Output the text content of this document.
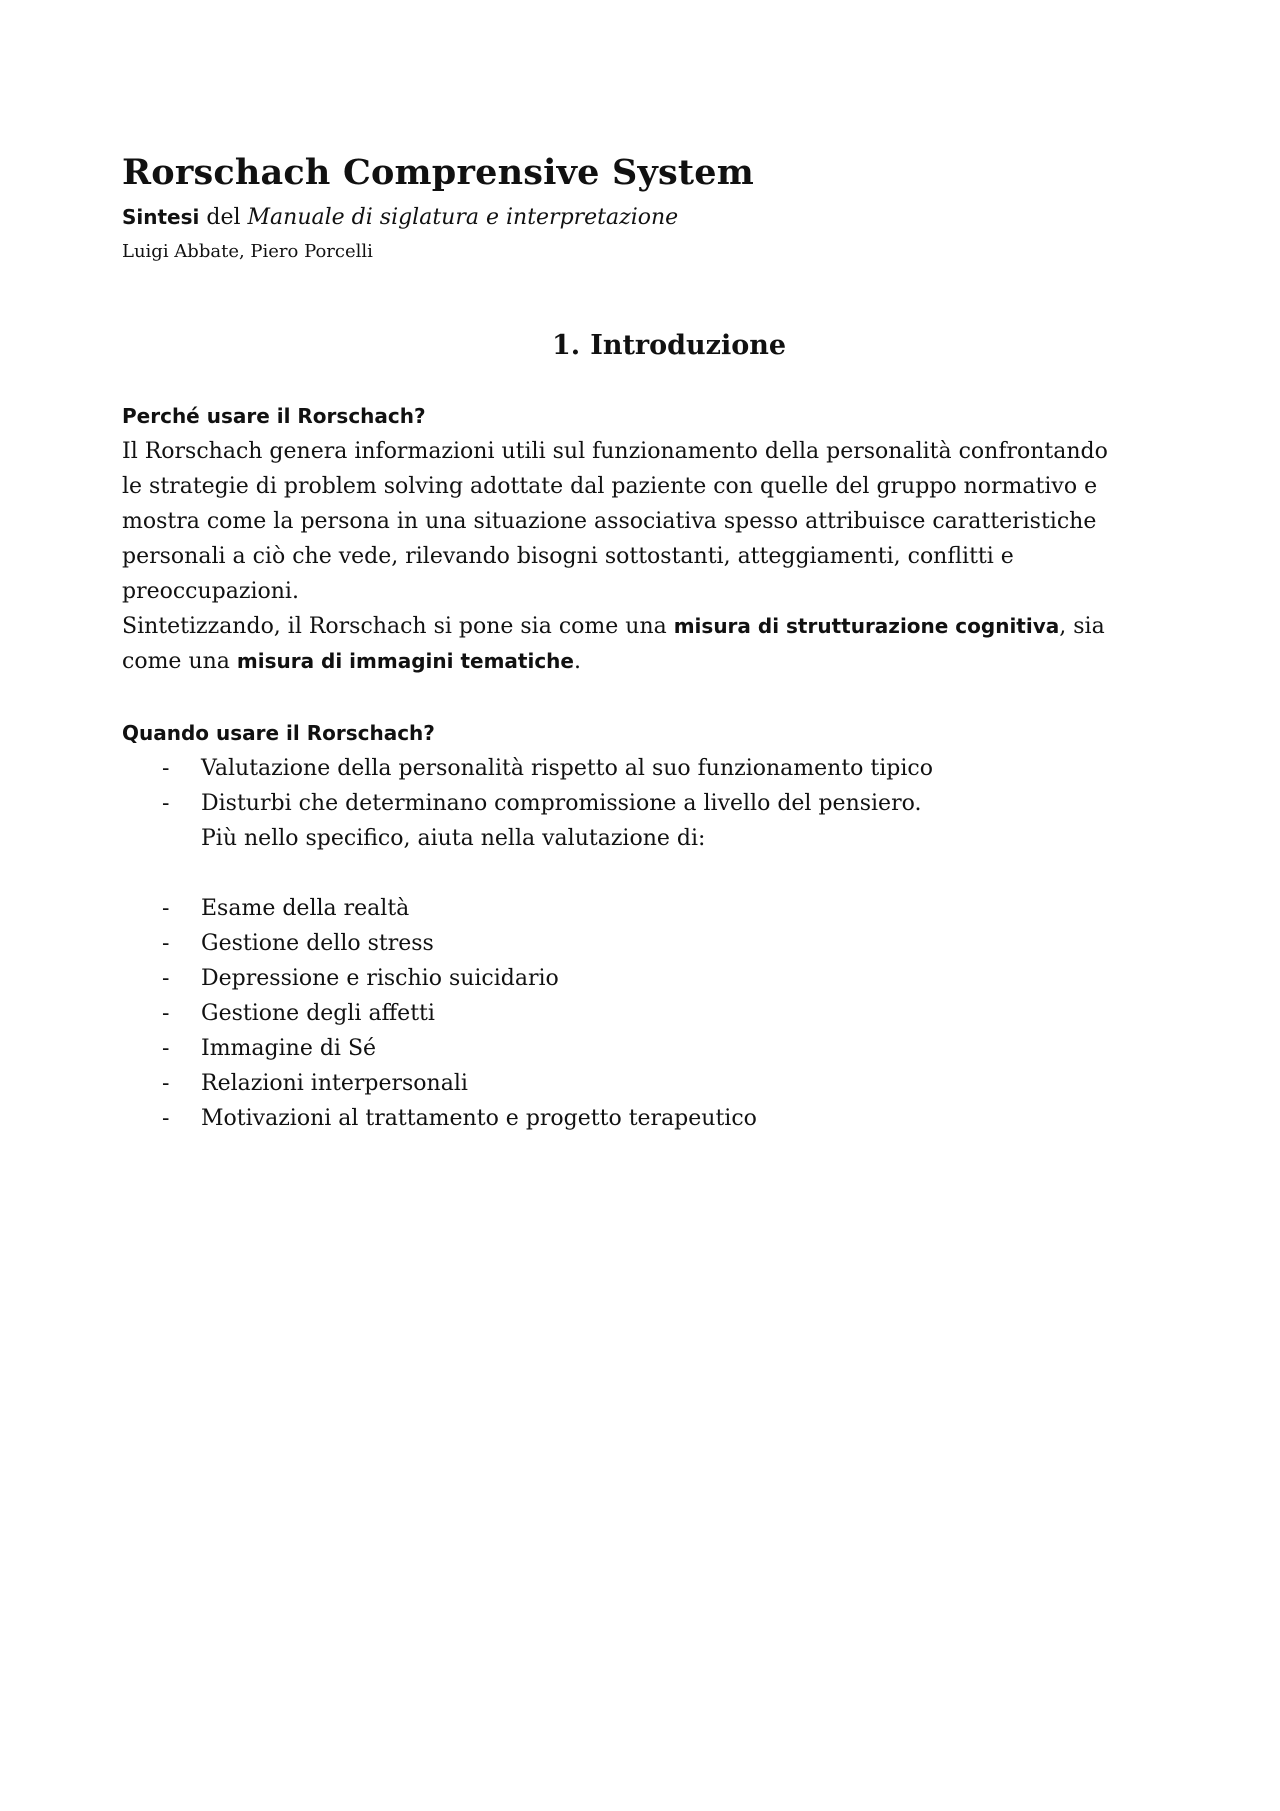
Rorschach Comprensive System
Sintesi del Manuale di siglatura e interpretazione
Luigi Abbate, Piero Porcelli
1. Introduzione
Perché usare il Rorschach?
Il Rorschach genera informazioni utili sul funzionamento della personalità confrontando
le strategie di problem solving adottate dal paziente con quelle del gruppo normativo e
mostra come la persona in una situazione associativa spesso attribuisce caratteristiche
personali a ciò che vede, rilevando bisogni sottostanti, atteggiamenti, conflitti e
preoccupazioni.
Sintetizzando, il Rorschach si pone sia come una misura di strutturazione cognitiva, sia
come una misura di immagini tematiche.
Quando usare il Rorschach?
- Valutazione della personalità rispetto al suo funzionamento tipico
- Disturbi che determinano compromissione a livello del pensiero.
Più nello specifico, aiuta nella valutazione di:
- Esame della realtà
- Gestione dello stress
- Depressione e rischio suicidario
- Gestione degli affetti
- Immagine di Sé
- Relazioni interpersonali
- Motivazioni al trattamento e progetto terapeutico
